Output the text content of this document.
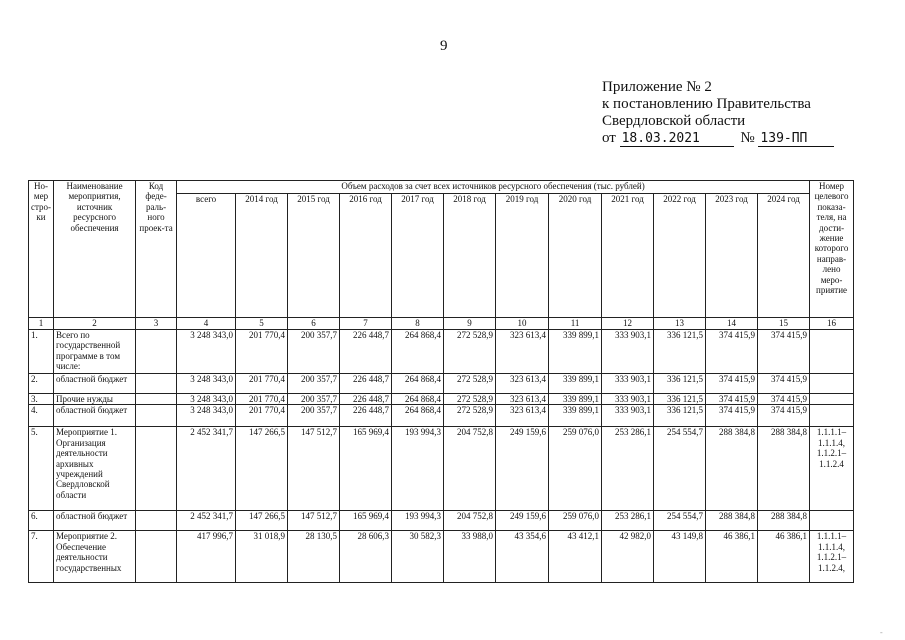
9
Приложение № 2
к постановлению Правительства
Свердловской области
от 18.03.2021	№ 139-ПП
Но-мер стро-ки	Наименование мероприятия, источник ресурсного обеспечения	Код феде-раль-ного проек-та	Объем расходов за счет всех источников ресурсного обеспечения (тыс. рублей)												Номер целевого показа-теля, на дости-жение которого направ-лено меро-приятие
			всего	2014 год	2015 год	2016 год	2017 год	2018 год	2019 год	2020 год	2021 год	2022 год	2023 год	2024 год	
1	2	3	4	5	6	7	8	9	10	11	12	13	14	15	16
1.	Всего по государственной программе в том числе:		3 248 343,0	201 770,4	200 357,7	226 448,7	264 868,4	272 528,9	323 613,4	339 899,1	333 903,1	336 121,5	374 415,9	374 415,9	
2.	областной бюджет		3 248 343,0	201 770,4	200 357,7	226 448,7	264 868,4	272 528,9	323 613,4	339 899,1	333 903,1	336 121,5	374 415,9	374 415,9	
3.	Прочие нужды		3 248 343,0	201 770,4	200 357,7	226 448,7	264 868,4	272 528,9	323 613,4	339 899,1	333 903,1	336 121,5	374 415,9	374 415,9	
4.	областной бюджет		3 248 343,0	201 770,4	200 357,7	226 448,7	264 868,4	272 528,9	323 613,4	339 899,1	333 903,1	336 121,5	374 415,9	374 415,9	
5.	Мероприятие 1. Организация деятельности архивных учреждений Свердловской области		2 452 341,7	147 266,5	147 512,7	165 969,4	193 994,3	204 752,8	249 159,6	259 076,0	253 286,1	254 554,7	288 384,8	288 384,8	1.1.1.1– 1.1.1.4, 1.1.2.1– 1.1.2.4
6.	областной бюджет		2 452 341,7	147 266,5	147 512,7	165 969,4	193 994,3	204 752,8	249 159,6	259 076,0	253 286,1	254 554,7	288 384,8	288 384,8	
7.	Мероприятие 2. Обеспечение деятельности государственных		417 996,7	31 018,9	28 130,5	28 606,3	30 582,3	33 988,0	43 354,6	43 412,1	42 982,0	43 149,8	46 386,1	46 386,1	1.1.1.1– 1.1.1.4, 1.1.2.1– 1.1.2.4,
-
